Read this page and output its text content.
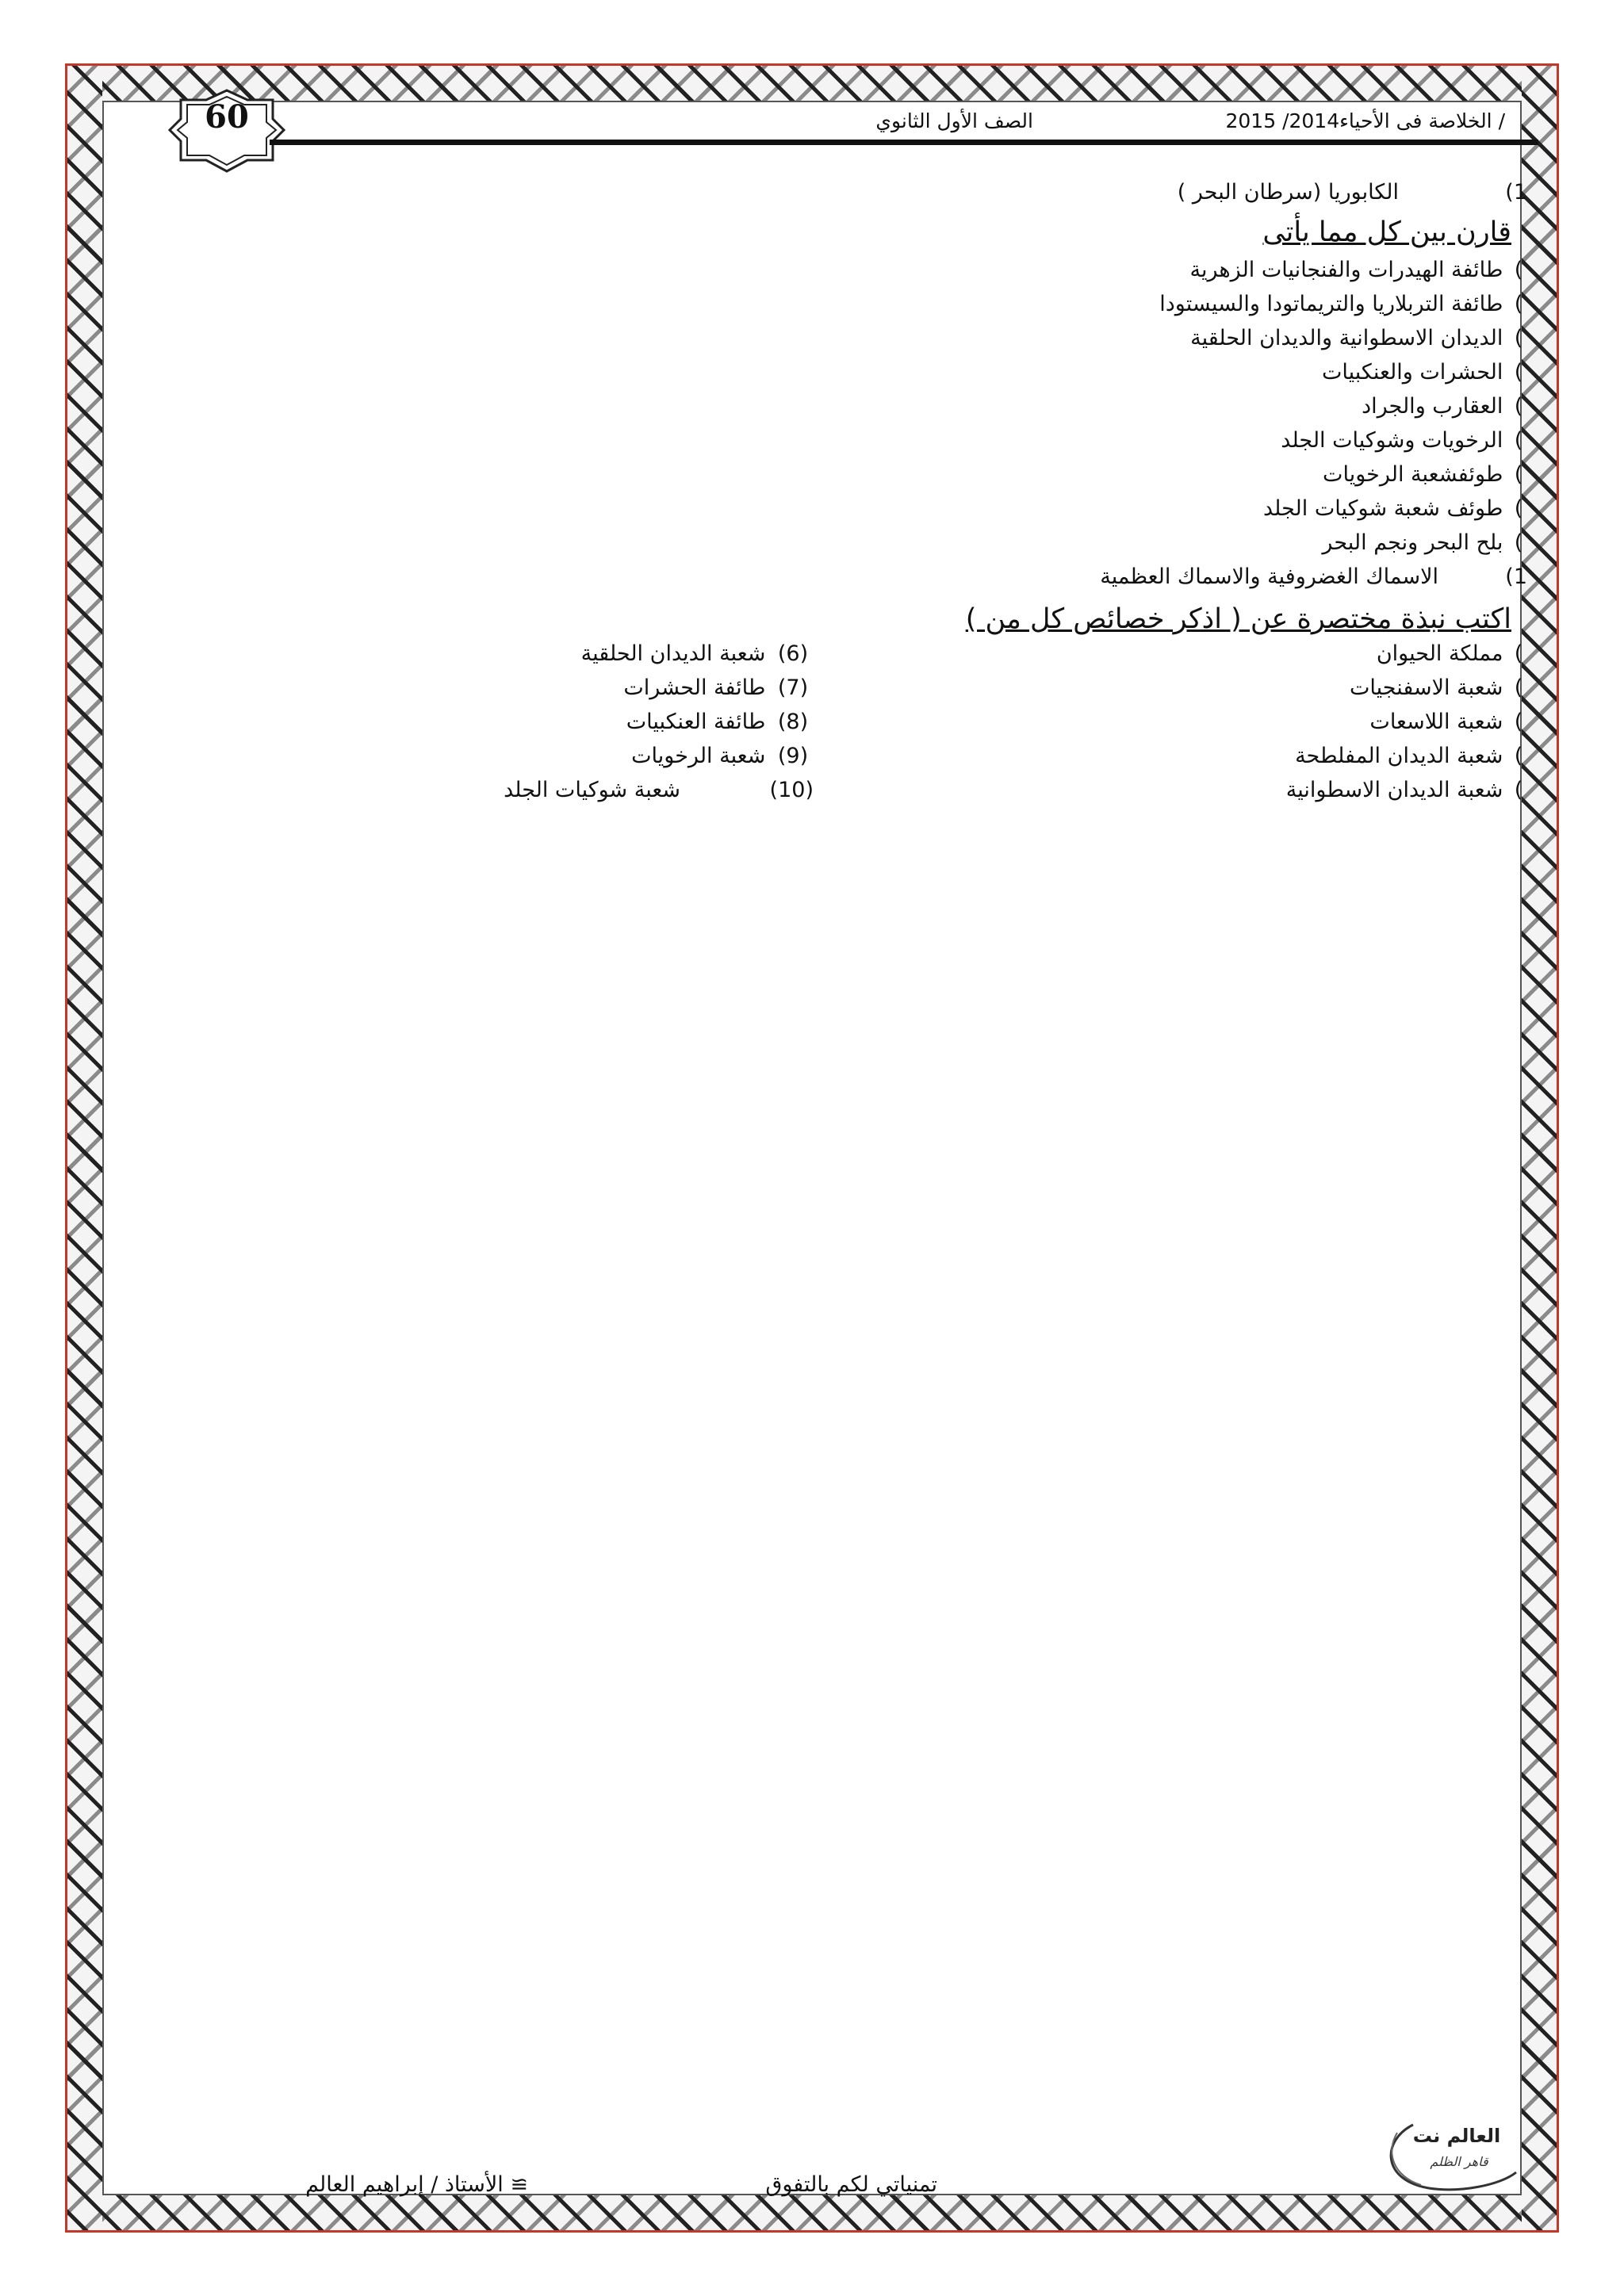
60	/ الخلاصة فى الأحياء2014/ 2015
الصف الأول الثانوي
1)الكابوريا (سرطان البحر )
قارن بين كل مما يأتى
) طائفة الهيدرات والفنجانيات الزهرية
) طائفة التربلاريا والتريماتودا والسيستودا
) الديدان الاسطوانية والديدان الحلقية
) الحشرات والعنكبيات
) العقارب والجراد
) الرخويات وشوكيات الجلد
) طوئفشعبة الرخويات
) طوئف شعبة شوكيات الجلد
) بلح البحر ونجم البحر
1)الاسماك الغضروفية والاسماك العظمية
اكتب نبذة مختصرة عن ( اذكر خصائص كل من )
) مملكة الحيوان
) شعبة الاسفنجيات
) شعبة اللاسعات
) شعبة الديدان المفلطحة
) شعبة الديدان الاسطوانية
(6) شعبة الديدان الحلقية
(7) طائفة الحشرات
(8) طائفة العنكبيات
(9) شعبة الرخويات
(10)شعبة شوكيات الجلد
العالم نت
قاهر الظلم
تمنياتي لكم بالتفوق
≅ الأستاذ / إبراهيم العالم
